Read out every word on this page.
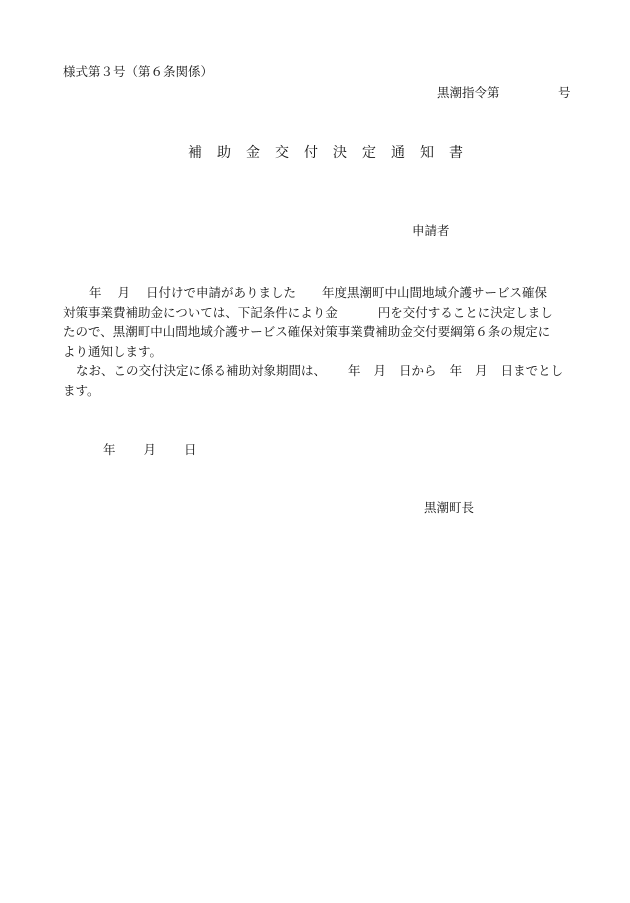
様式第３号（第６条関係）
黒潮指令第	号
補 助 金 交 付 決 定 通 知 書
申請者
年 月 日付けで申請がありました 年度黒潮町中山間地域介護サービス確保
対策事業費補助金については、下記条件により金	円を交付することに決定しまし
たので、黒潮町中山間地域介護サービス確保対策事業費補助金交付要綱第６条の規定に
より通知します。
なお、この交付決定に係る補助対象期間は、 年 月 日から 年 月 日までとし
ます。
年 月 日
黒潮町長
